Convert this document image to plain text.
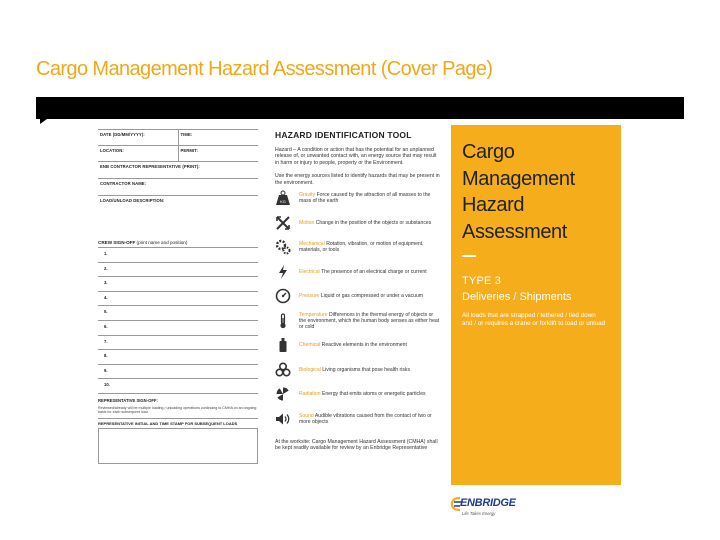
Cargo Management Hazard Assessment (Cover Page)
DATE (DD/MM/YYYY):	TIME:
LOCATION:	PERMIT:
ENB CONTRACTOR REPRESENTATIVE (PRINT):
CONTRACTOR NAME:
LOAD/UNLOAD DESCRIPTION:
CREW SIGN-OFF (print name and position)
1.
2.
3.
4.
5.
6.
7.
8.
9.
10.
REPRESENTATIVE SIGN-OFF:
Reviewed/already will be multiple loading / unloading operations continuing to CMHA on an ongoing basis for each subsequent load.
REPRESENTATIVE INITIAL AND TIME STAMP FOR SUBSEQUENT LOADS
HAZARD IDENTIFICATION TOOL
Hazard – A condition or action that has the potential for an unplanned release of, or unwanted contact with, an energy source that may result in harm or injury to people, property or the Environment.
Use the energy sources listed to identify hazards that may be present in the environment.
KG
Gravity Force caused by the attraction of all masses to the mass of the earth
Motion Change in the position of the objects or substances
Mechanical Rotation, vibration, or motion of equipment, materials, or tools
Electrical The presence of an electrical charge or current
Pressure Liquid or gas compressed or under a vacuum
Temperature Differences in the thermal energy of objects or the environment, which the human body senses as either heat or cold
Chemical Reactive elements in the environment
Biological Living organisms that pose health risks
Radiation Energy that emits atoms or energetic particles
Sound Audible vibrations caused from the contact of two or more objects
At the worksite: Cargo Management Hazard Assessment (CMHA) shall be kept readily available for review by an Enbridge Representative
Cargo
Management
Hazard
Assessment
TYPE 3
Deliveries / Shipments
All loads that are strapped / tethered / tied down and / or requires a crane or forklift to load or unload
ENBRIDGE
Life Takes Energy
